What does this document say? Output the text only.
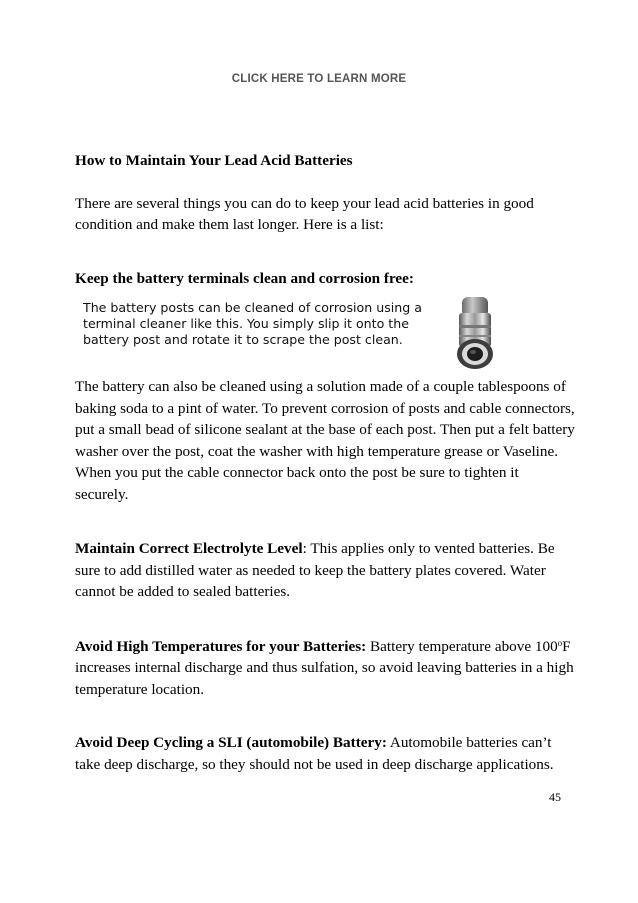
CLICK HERE TO LEARN MORE

How to Maintain Your Lead Acid Batteries

There are several things you can do to keep your lead acid batteries in good condition and make them last longer. Here is a list:

Keep the battery terminals clean and corrosion free:

The battery posts can be cleaned of corrosion using a terminal cleaner like this. You simply slip it onto the battery post and rotate it to scrape the post clean.

The battery can also be cleaned using a solution made of a couple tablespoons of baking soda to a pint of water. To prevent corrosion of posts and cable connectors, put a small bead of silicone sealant at the base of each post. Then put a felt battery washer over the post, coat the washer with high temperature grease or Vaseline. When you put the cable connector back onto the post be sure to tighten it securely.

Maintain Correct Electrolyte Level: This applies only to vented batteries. Be sure to add distilled water as needed to keep the battery plates covered. Water cannot be added to sealed batteries.

Avoid High Temperatures for your Batteries: Battery temperature above 100$^o$F increases internal discharge and thus sulfation, so avoid leaving batteries in a high temperature location.

Avoid Deep Cycling a SLI (automobile) Battery: Automobile batteries can’t take deep discharge, so they should not be used in deep discharge applications.

45
